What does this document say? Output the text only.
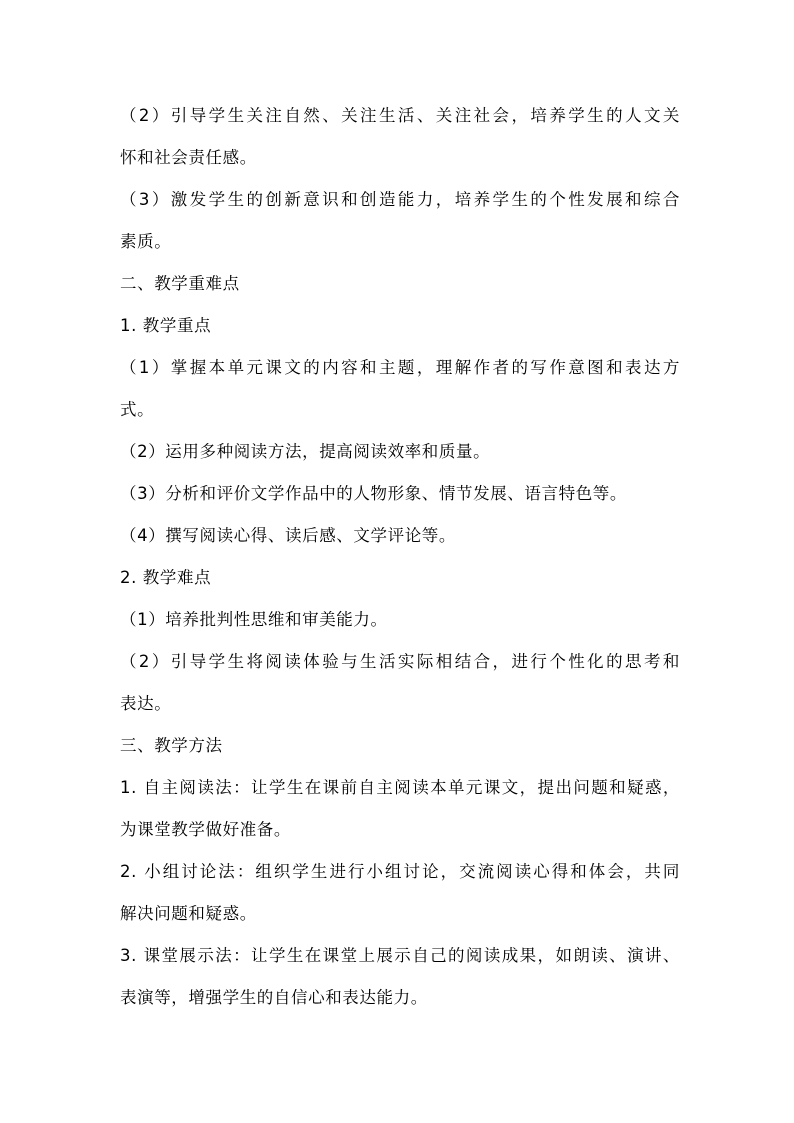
（2）引导学生关注自然、关注生活、关注社会，培养学生的人文关
怀和社会责任感。
（3）激发学生的创新意识和创造能力，培养学生的个性发展和综合
素质。
二、教学重难点
1. 教学重点
（1）掌握本单元课文的内容和主题，理解作者的写作意图和表达方
式。
（2）运用多种阅读方法，提高阅读效率和质量。
（3）分析和评价文学作品中的人物形象、情节发展、语言特色等。
（4）撰写阅读心得、读后感、文学评论等。
2. 教学难点
（1）培养批判性思维和审美能力。
（2）引导学生将阅读体验与生活实际相结合，进行个性化的思考和
表达。
三、教学方法
1. 自主阅读法：让学生在课前自主阅读本单元课文，提出问题和疑惑，
为课堂教学做好准备。
2. 小组讨论法：组织学生进行小组讨论，交流阅读心得和体会，共同
解决问题和疑惑。
3. 课堂展示法：让学生在课堂上展示自己的阅读成果，如朗读、演讲、
表演等，增强学生的自信心和表达能力。
